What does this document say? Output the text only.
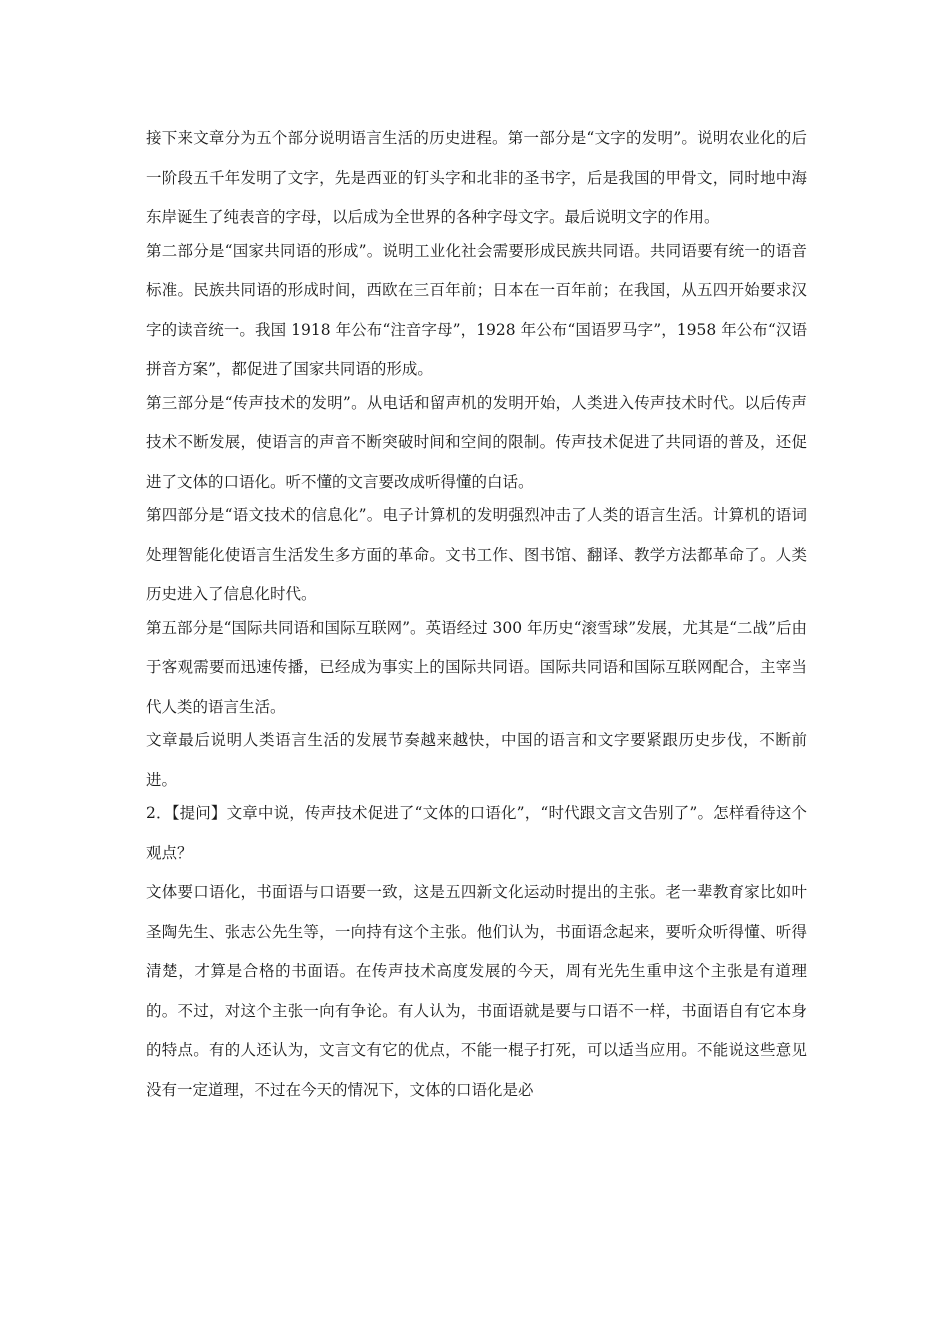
接下来文章分为五个部分说明语言生活的历史进程。第一部分是“文字的发明”。说明农业化的后一阶段五千年发明了文字，先是西亚的钉头字和北非的圣书字，后是我国的甲骨文，同时地中海东岸诞生了纯表音的字母，以后成为全世界的各种字母文字。最后说明文字的作用。

第二部分是“国家共同语的形成”。说明工业化社会需要形成民族共同语。共同语要有统一的语音标准。民族共同语的形成时间，西欧在三百年前；日本在一百年前；在我国，从五四开始要求汉字的读音统一。我国 1918 年公布“注音字母”，1928 年公布“国语罗马字”，1958 年公布“汉语拼音方案”，都促进了国家共同语的形成。

第三部分是“传声技术的发明”。从电话和留声机的发明开始，人类进入传声技术时代。以后传声技术不断发展，使语言的声音不断突破时间和空间的限制。传声技术促进了共同语的普及，还促进了文体的口语化。听不懂的文言要改成听得懂的白话。

第四部分是“语文技术的信息化”。电子计算机的发明强烈冲击了人类的语言生活。计算机的语词处理智能化使语言生活发生多方面的革命。文书工作、图书馆、翻译、教学方法都革命了。人类历史进入了信息化时代。

第五部分是“国际共同语和国际互联网”。英语经过 300 年历史“滚雪球”发展，尤其是“二战”后由于客观需要而迅速传播，已经成为事实上的国际共同语。国际共同语和国际互联网配合，主宰当代人类的语言生活。

文章最后说明人类语言生活的发展节奏越来越快，中国的语言和文字要紧跟历史步伐，不断前进。

2．【提问】文章中说，传声技术促进了“文体的口语化”，“时代跟文言文告别了”。怎样看待这个观点？

文体要口语化，书面语与口语要一致，这是五四新文化运动时提出的主张。老一辈教育家比如叶圣陶先生、张志公先生等，一向持有这个主张。他们认为，书面语念起来，要听众听得懂、听得清楚，才算是合格的书面语。在传声技术高度发展的今天，周有光先生重申这个主张是有道理的。不过，对这个主张一向有争论。有人认为，书面语就是要与口语不一样，书面语自有它本身的特点。有的人还认为，文言文有它的优点，不能一棍子打死，可以适当应用。不能说这些意见没有一定道理，不过在今天的情况下，文体的口语化是必
